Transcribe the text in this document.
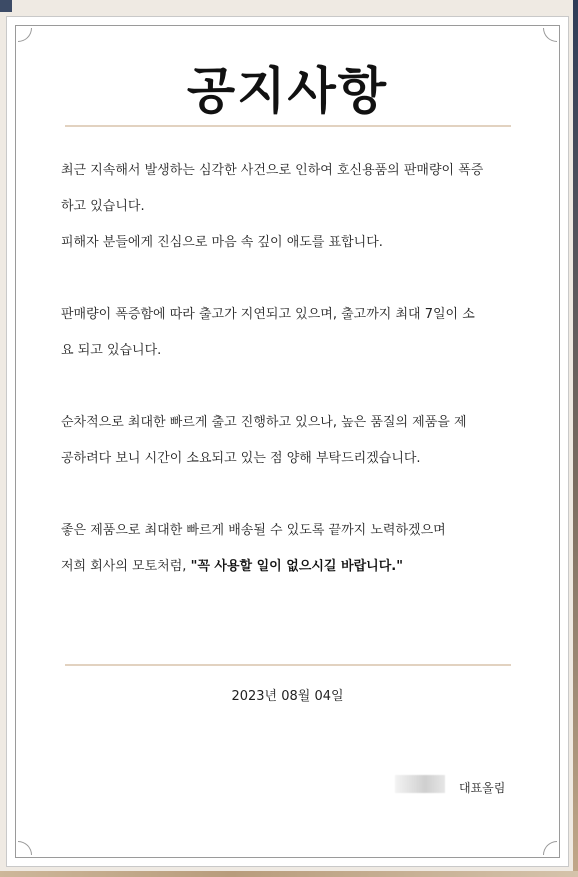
공지사항

최근 지속해서 발생하는 심각한 사건으로 인하여 호신용품의 판매량이 폭증

하고 있습니다.

피해자 분들에게 진심으로 마음 속 깊이 애도를 표합니다.

판매량이 폭증함에 따라 출고가 지연되고 있으며, 출고까지 최대 7일이 소

요 되고 있습니다.

순차적으로 최대한 빠르게 출고 진행하고 있으나, 높은 품질의 제품을 제

공하려다 보니 시간이 소요되고 있는 점 양해 부탁드리겠습니다.

좋은 제품으로 최대한 빠르게 배송될 수 있도록 끝까지 노력하겠으며

저희 회사의 모토처럼, "꼭 사용할 일이 없으시길 바랍니다."

2023년 08월 04일
대표올림
